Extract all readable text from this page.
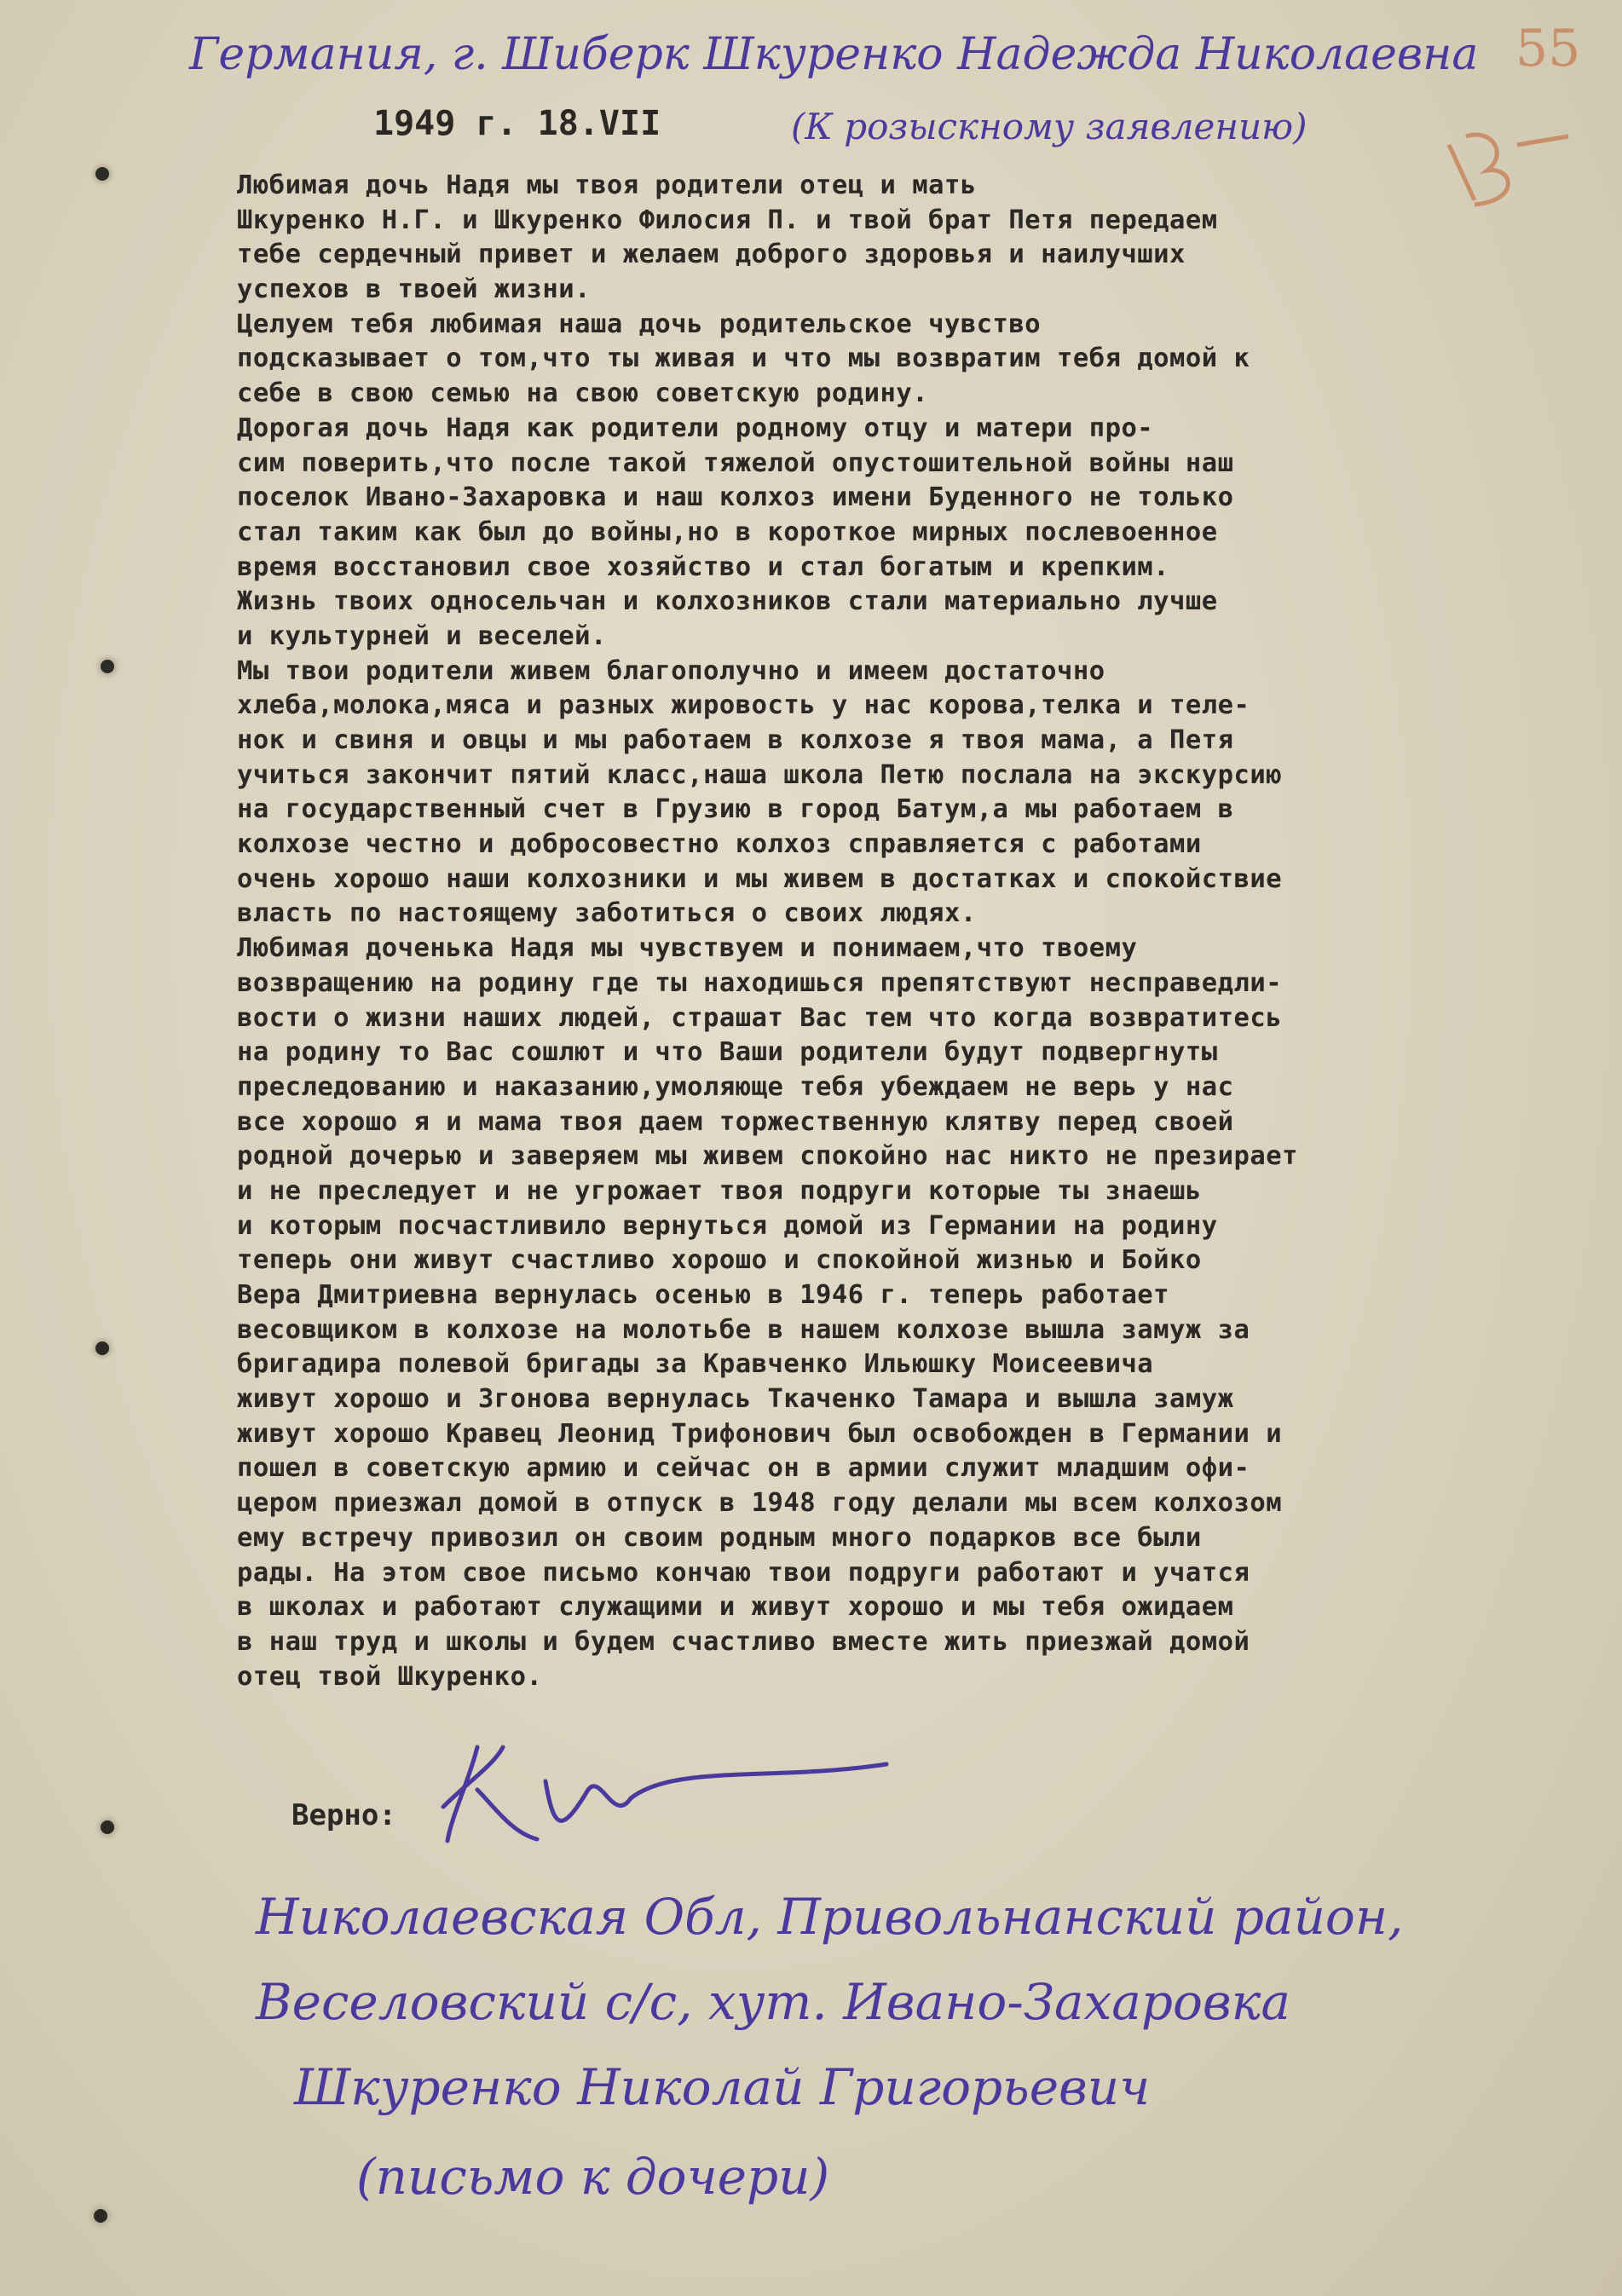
55
Германия, г. Шиберк Шкуренко Надежда Николаевна
(К розыскному заявлению)
1949 г. 18.VII
Любимая дочь Надя мы твоя родители отец и мать
Шкуренко Н.Г. и Шкуренко Филосия П. и твой брат Петя передаем
тебе сердечный привет и желаем доброго здоровья и наилучших
успехов в твоей жизни.
Целуем тебя любимая наша дочь родительское чувство
подсказывает о том,что ты живая и что мы возвратим тебя домой к
себе в свою семью на свою советскую родину.
Дорогая дочь Надя как родители родному отцу и матери про-
сим поверить,что после такой тяжелой опустошительной войны наш
поселок Ивано-Захаровка и наш колхоз имени Буденного не только
стал таким как был до войны,но в короткое мирных послевоенное
время восстановил свое хозяйство и стал богатым и крепким.
Жизнь твоих односельчан и колхозников стали материально лучше
и культурней и веселей.
Мы твои родители живем благополучно и имеем достаточно
хлеба,молока,мяса и разных жировость у нас корова,телка и теле-
нок и свиня и овцы и мы работаем в колхозе я твоя мама, а Петя
учиться закончит пятий класс,наша школа Петю послала на экскурсию
на государственный счет в Грузию в город Батум,а мы работаем в
колхозе честно и добросовестно колхоз справляется с работами
очень хорошо наши колхозники и мы живем в достатках и спокойствие
власть по настоящему заботиться о своих людях.
Любимая доченька Надя мы чувствуем и понимаем,что твоему
возвращению на родину где ты находишься препятствуют несправедли-
вости о жизни наших людей, страшат Вас тем что когда возвратитесь
на родину то Вас сошлют и что Ваши родители будут подвергнуты
преследованию и наказанию,умоляюще тебя убеждаем не верь у нас
все хорошо я и мама твоя даем торжественную клятву перед своей
родной дочерью и заверяем мы живем спокойно нас никто не презирает
и не преследует и не угрожает твоя подруги которые ты знаешь
и которым посчастливило вернуться домой из Германии на родину
теперь они живут счастливо хорошо и спокойной жизнью и Бойко
Вера Дмитриевна вернулась осенью в 1946 г. теперь работает
весовщиком в колхозе на молотьбе в нашем колхозе вышла замуж за
бригадира полевой бригады за Кравченко Ильюшку Моисеевича
живут хорошо и Згонова вернулась Ткаченко Тамара и вышла замуж
живут хорошо Кравец Леонид Трифонович был освобожден в Германии и
пошел в советскую армию и сейчас он в армии служит младшим офи-
цером приезжал домой в отпуск в 1948 году делали мы всем колхозом
ему встречу привозил он своим родным много подарков все были
рады. На этом свое письмо кончаю твои подруги работают и учатся
в школах и работают служащими и живут хорошо и мы тебя ожидаем
в наш труд и школы и будем счастливо вместе жить приезжай домой
отец твой Шкуренко.
Верно:
Николаевская Обл, Привольнанский район,
Веселовский с/с, хут. Ивано-Захаровка
Шкуренко Николай Григорьевич
(письмо к дочери)
